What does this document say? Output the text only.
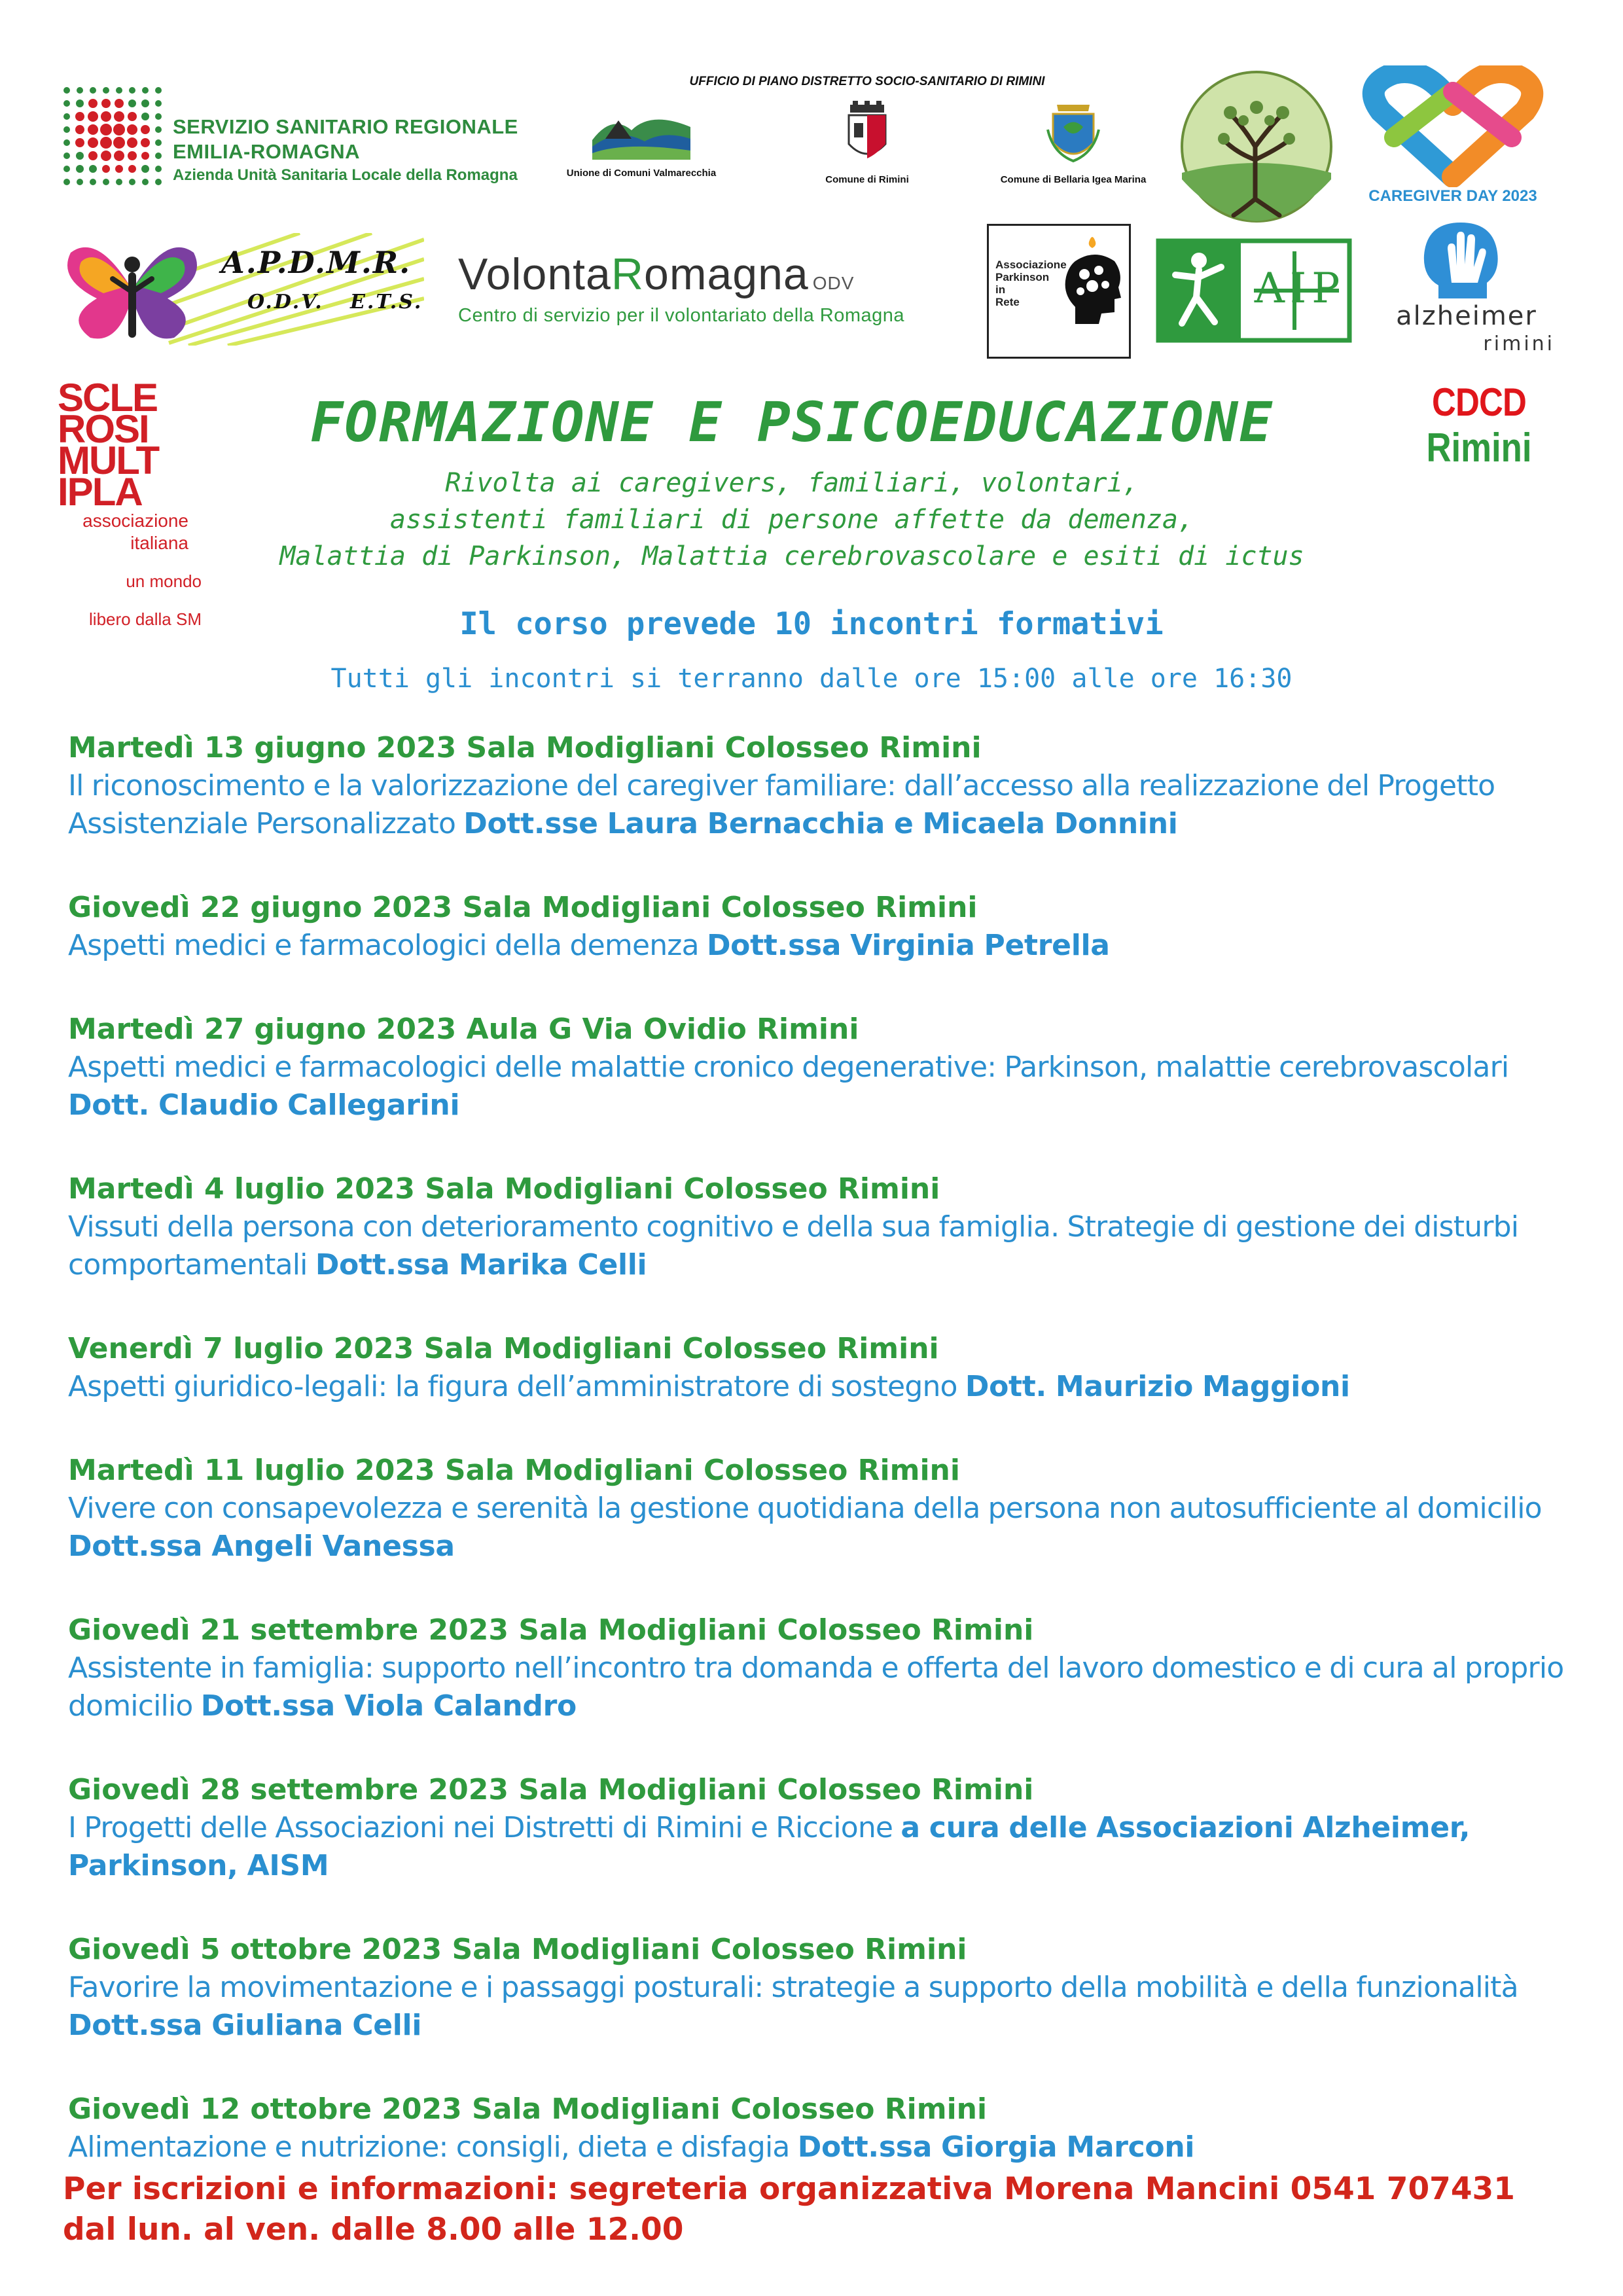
SERVIZIO SANITARIO REGIONALE
EMILIA-ROMAGNA
Azienda Unità Sanitaria Locale della Romagna
UFFICIO DI PIANO DISTRETTO SOCIO-SANITARIO DI RIMINI
Unione di Comuni Valmarecchia
Comune di Rimini	Comune di Bellaria Igea Marina
CAREGIVER DAY 2023
A.P.D.M.R.
O.D.V.   E.T.S.
VolontaRomagna ODV
Centro di servizio per il volontariato della Romagna
Associazione
Parkinson
in
Rete	AIP
alzheimer
rimini
SCLE
ROSI
MULT
IPLA
associazione
italiana
un mondo
libero dalla SM
CDCD
Rimini
FORMAZIONE E PSICOEDUCAZIONE
Rivolta ai caregivers, familiari, volontari,
assistenti familiari di persone affette da demenza,
Malattia di Parkinson, Malattia cerebrovascolare e esiti di ictus
Il corso prevede 10 incontri formativi
Tutti gli incontri si terranno dalle ore 15:00 alle ore 16:30
Martedì 13 giugno 2023 Sala Modigliani Colosseo Rimini
Il riconoscimento e la valorizzazione del caregiver familiare: dall’accesso alla realizzazione del Progetto Assistenziale Personalizzato Dott.sse Laura Bernacchia e Micaela Donnini
Giovedì 22 giugno 2023 Sala Modigliani Colosseo Rimini
Aspetti medici e farmacologici della demenza Dott.ssa Virginia Petrella
Martedì 27 giugno 2023 Aula G Via Ovidio Rimini
Aspetti medici e farmacologici delle malattie cronico degenerative: Parkinson, malattie cerebrovascolari Dott. Claudio Callegarini
Martedì 4 luglio 2023 Sala Modigliani Colosseo Rimini
Vissuti della persona con deterioramento cognitivo e della sua famiglia. Strategie di gestione dei disturbi comportamentali Dott.ssa Marika Celli
Venerdì 7 luglio 2023 Sala Modigliani Colosseo Rimini
Aspetti giuridico-legali: la figura dell’amministratore di sostegno Dott. Maurizio Maggioni
Martedì 11 luglio 2023 Sala Modigliani Colosseo Rimini
Vivere con consapevolezza e serenità la gestione quotidiana della persona non autosufficiente al domicilio Dott.ssa Angeli Vanessa
Giovedì 21 settembre 2023 Sala Modigliani Colosseo Rimini
Assistente in famiglia: supporto nell’incontro tra domanda e offerta del lavoro domestico e di cura al proprio domicilio Dott.ssa Viola Calandro
Giovedì 28 settembre 2023 Sala Modigliani Colosseo Rimini
I Progetti delle Associazioni nei Distretti di Rimini e Riccione a cura delle Associazioni Alzheimer, Parkinson, AISM
Giovedì 5 ottobre 2023 Sala Modigliani Colosseo Rimini
Favorire la movimentazione e i passaggi posturali: strategie a supporto della mobilità e della funzionalità Dott.ssa Giuliana Celli
Giovedì 12 ottobre 2023 Sala Modigliani Colosseo Rimini
Alimentazione e nutrizione: consigli, dieta e disfagia Dott.ssa Giorgia Marconi
Per iscrizioni e informazioni: segreteria organizzativa Morena Mancini 0541 707431 dal lun. al ven. dalle 8.00 alle 12.00
